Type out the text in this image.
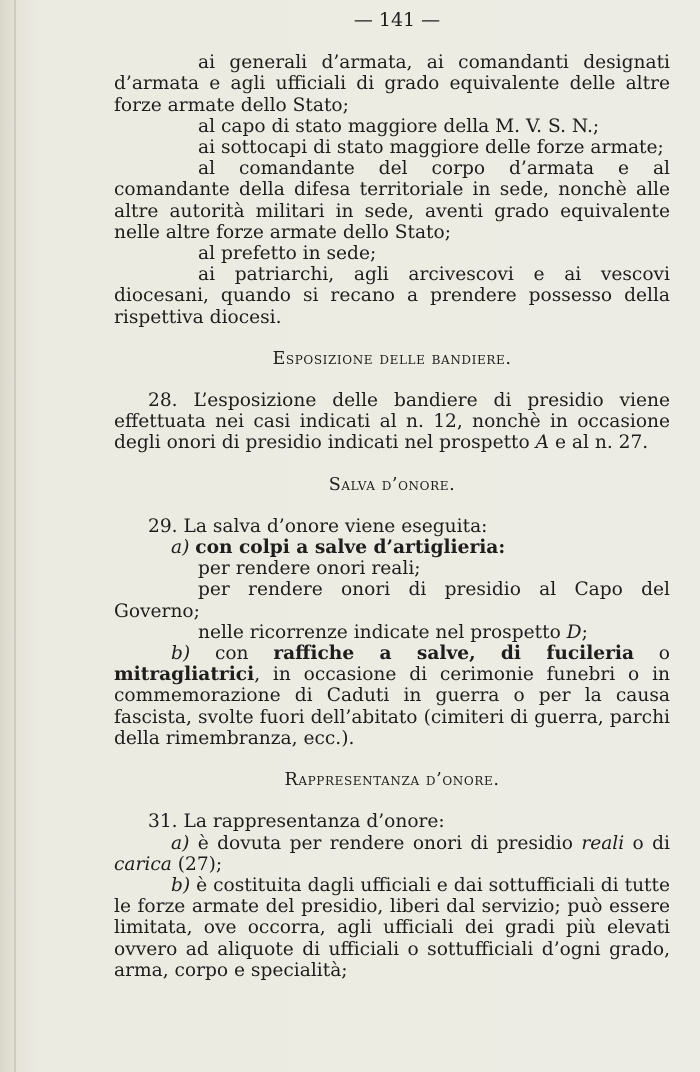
— 141 —

ai generali d’armata, ai comandanti designati d’armata e agli ufficiali di grado equivalente delle altre forze armate dello Stato;

al capo di stato maggiore della M. V. S. N.;

ai sottocapi di stato maggiore delle forze armate;

al comandante del corpo d’armata e al comandante della difesa territoriale in sede, nonchè alle altre autorità militari in sede, aventi grado equivalente nelle altre forze armate dello Stato;

al prefetto in sede;

ai patriarchi, agli arcivescovi e ai vescovi diocesani, quando si recano a prendere possesso della rispettiva diocesi.

Esposizione delle bandiere.

28. L’esposizione delle bandiere di presidio viene effettuata nei casi indicati al n. 12, nonchè in occasione degli onori di presidio indicati nel prospetto A e al n. 27.

Salva d’onore.

29. La salva d’onore viene eseguita:

a) con colpi a salve d’artiglieria:

per rendere onori reali;

per rendere onori di presidio al Capo del Governo;

nelle ricorrenze indicate nel prospetto D;

b) con raffiche a salve, di fucileria o mitragliatrici, in occasione di cerimonie funebri o in commemorazione di Caduti in guerra o per la causa fascista, svolte fuori dell’abitato (cimiteri di guerra, parchi della rimembranza, ecc.).

Rappresentanza d’onore.

31. La rappresentanza d’onore:

a) è dovuta per rendere onori di presidio reali o di carica (27);

b) è costituita dagli ufficiali e dai sottufficiali di tutte le forze armate del presidio, liberi dal servizio; può essere limitata, ove occorra, agli ufficiali dei gradi più elevati ovvero ad aliquote di ufficiali o sottufficiali d’ogni grado, arma, corpo e specialità;
